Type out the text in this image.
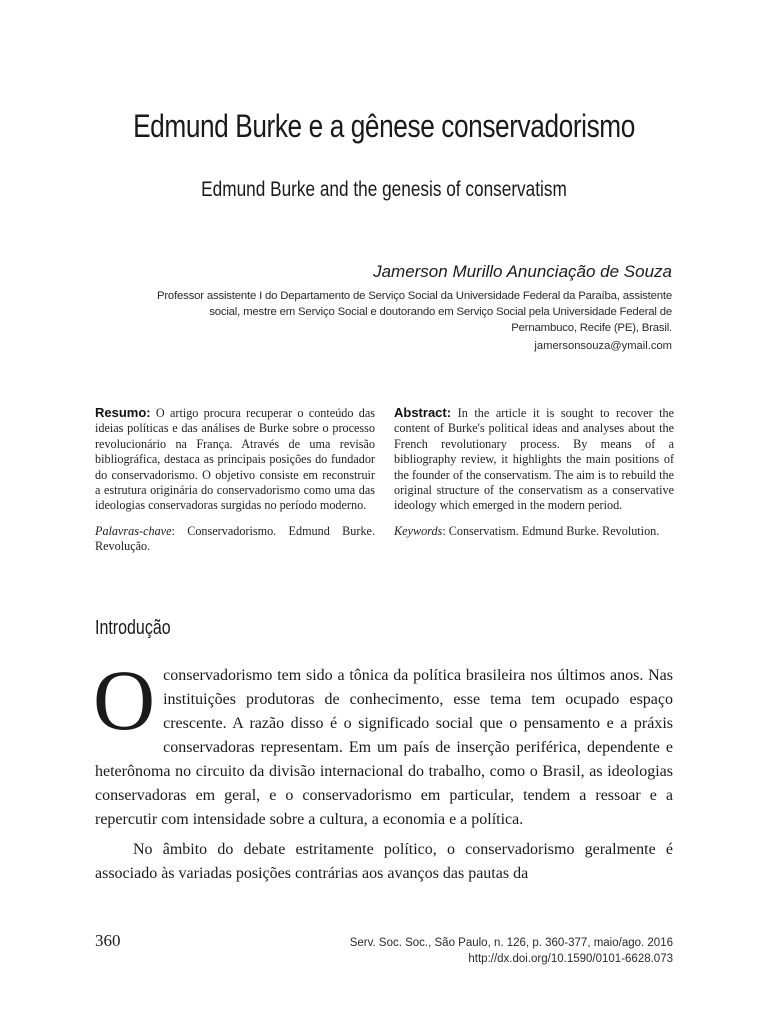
Edmund Burke e a gênese conservadorismo
Edmund Burke and the genesis of conservatism

Jamerson Murillo Anunciação de Souza

Professor assistente I do Departamento de Serviço Social da Universidade Federal da Paraíba, assistente social, mestre em Serviço Social e doutorando em Serviço Social pela Universidade Federal de Pernambuco, Recife (PE), Brasil.

jamersonsouza@ymail.com

Resumo: O artigo procura recuperar o conteúdo das ideias políticas e das análises de Burke sobre o processo revolucionário na França. Através de uma revisão bibliográfica, destaca as principais posições do fundador do conservadorismo. O objetivo consiste em reconstruir a estrutura originária do conservadorismo como uma das ideologias conservadoras surgidas no período moderno.

Palavras-chave: Conservadorismo. Edmund Burke. Revolução.

Abstract: In the article it is sought to recover the content of Burke's political ideas and analyses about the French revolutionary process. By means of a bibliography review, it highlights the main positions of the founder of the conservatism. The aim is to rebuild the original structure of the conservatism as a conservative ideology which emerged in the modern period.

Keywords: Conservatism. Edmund Burke. Revolution.

Introdução

Oconservadorismo tem sido a tônica da política brasileira nos últimos anos. Nas instituições produtoras de conhecimento, esse tema tem ocupado espaço crescente. A razão disso é o significado social que o pensamento e a práxis conservadoras representam. Em um país de inserção periférica, dependente e heterônoma no circuito da divisão internacional do trabalho, como o Brasil, as ideologias conservadoras em geral, e o conservadorismo em particular, tendem a ressoar e a repercutir com intensidade sobre a cultura, a economia e a política.

No âmbito do debate estritamente político, o conservadorismo geralmente é associado às variadas posições contrárias aos avanços das pautas da

360	Serv. Soc. Soc., São Paulo, n. 126, p. 360-377, maio/ago. 2016
http://dx.doi.org/10.1590/0101-6628.073
